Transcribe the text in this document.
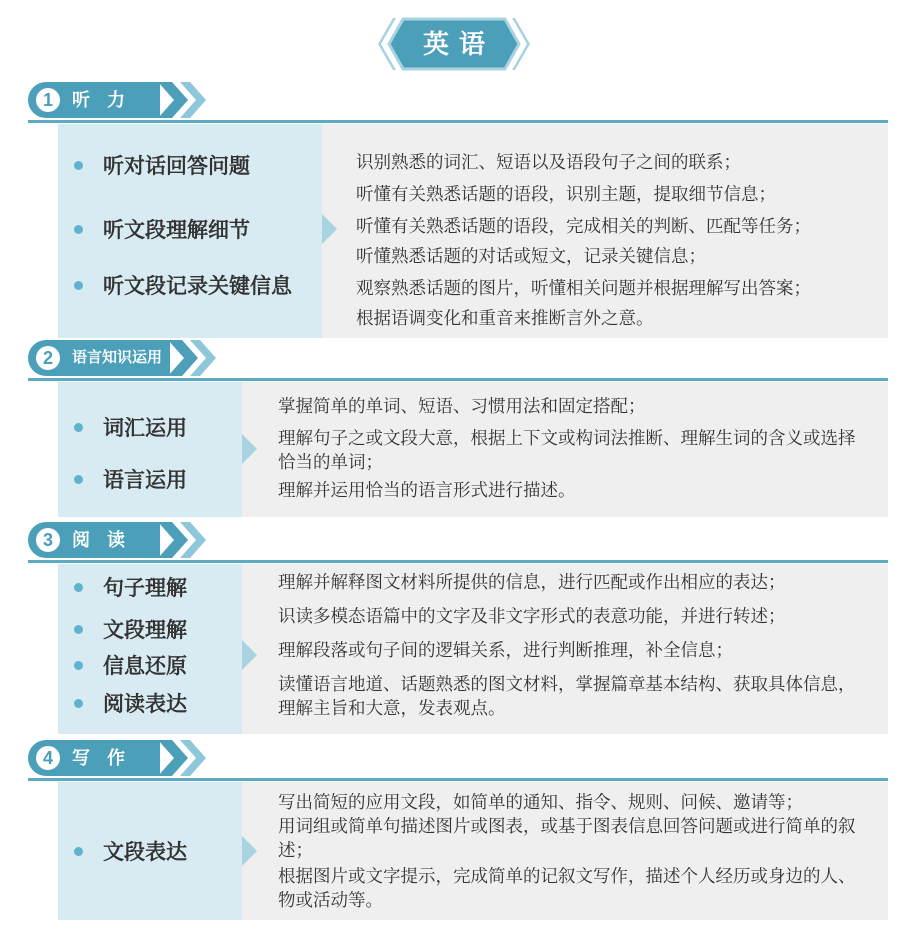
英语
1	听 力
听对话回答问题
听文段理解细节
听文段记录关键信息
识别熟悉的词汇、短语以及语段句子之间的联系；
听懂有关熟悉话题的语段，识别主题，提取细节信息；
听懂有关熟悉话题的语段，完成相关的判断、匹配等任务；
听懂熟悉话题的对话或短文，记录关键信息；
观察熟悉话题的图片，听懂相关问题并根据理解写出答案；
根据语调变化和重音来推断言外之意。
2	语言知识运用
词汇运用
语言运用
掌握简单的单词、短语、习惯用法和固定搭配；
理解句子之或文段大意，根据上下文或构词法推断、理解生词的含义或选择恰当的单词；
理解并运用恰当的语言形式进行描述。
3	阅 读
句子理解
文段理解
信息还原
阅读表达
理解并解释图文材料所提供的信息，进行匹配或作出相应的表达；
识读多模态语篇中的文字及非文字形式的表意功能，并进行转述；
理解段落或句子间的逻辑关系，进行判断推理，补全信息；
读懂语言地道、话题熟悉的图文材料，掌握篇章基本结构、获取具体信息，理解主旨和大意，发表观点。
4	写 作
文段表达
写出简短的应用文段，如简单的通知、指令、规则、问候、邀请等；
用词组或简单句描述图片或图表，或基于图表信息回答问题或进行简单的叙述；
根据图片或文字提示，完成简单的记叙文写作，描述个人经历或身边的人、物或活动等。
